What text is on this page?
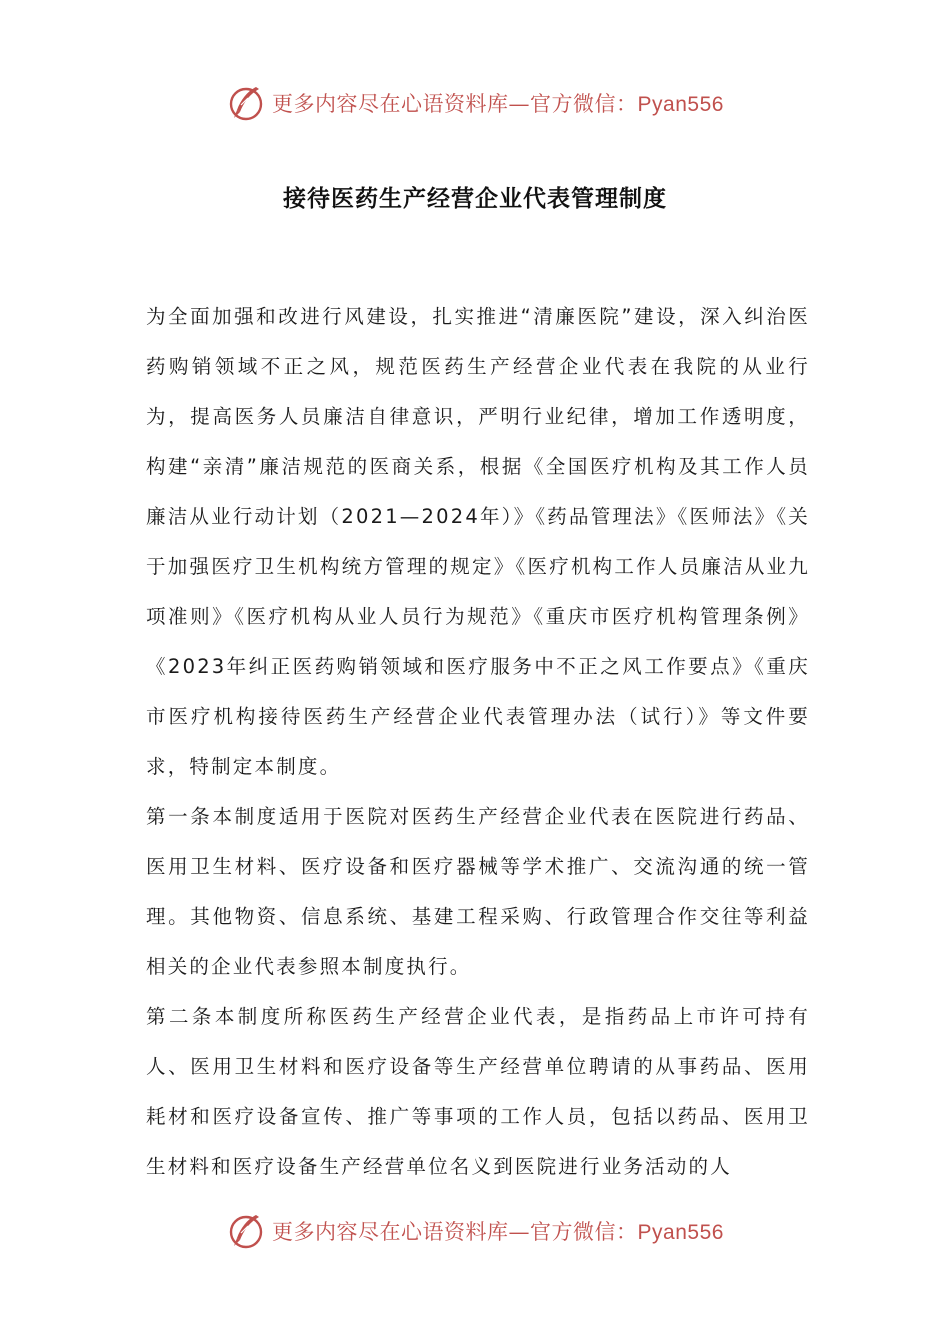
更多内容尽在心语资料库—官方微信：Pyan556
接待医药生产经营企业代表管理制度

为全面加强和改进行风建设，扎实推进“清廉医院”建设，深入纠治医药购销领域不正之风，规范医药生产经营企业代表在我院的从业行为，提高医务人员廉洁自律意识，严明行业纪律，增加工作透明度，构建“亲清”廉洁规范的医商关系，根据《全国医疗机构及其工作人员廉洁从业行动计划（2021—2024年）》《药品管理法》《医师法》《关于加强医疗卫生机构统方管理的规定》《医疗机构工作人员廉洁从业九项准则》《医疗机构从业人员行为规范》《重庆市医疗机构管理条例》《2023年纠正医药购销领域和医疗服务中不正之风工作要点》《重庆市医疗机构接待医药生产经营企业代表管理办法（试行）》等文件要求，特制定本制度。

第一条本制度适用于医院对医药生产经营企业代表在医院进行药品、医用卫生材料、医疗设备和医疗器械等学术推广、交流沟通的统一管理。其他物资、信息系统、基建工程采购、行政管理合作交往等利益相关的企业代表参照本制度执行。

第二条本制度所称医药生产经营企业代表，是指药品上市许可持有人、医用卫生材料和医疗设备等生产经营单位聘请的从事药品、医用耗材和医疗设备宣传、推广等事项的工作人员，包括以药品、医用卫生材料和医疗设备生产经营单位名义到医院进行业务活动的人

更多内容尽在心语资料库—官方微信：Pyan556
